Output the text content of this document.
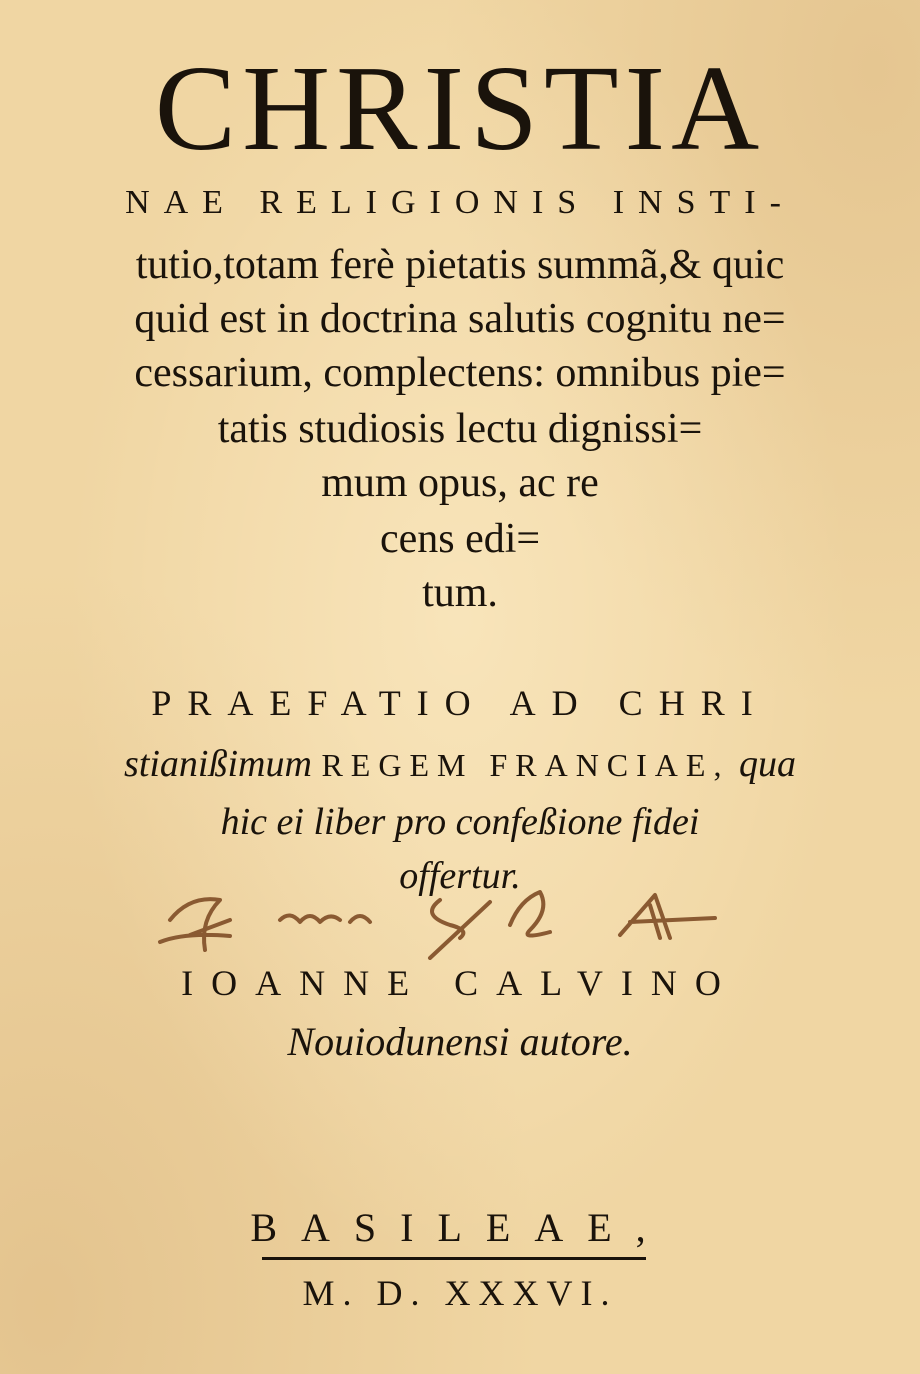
CHRISTIA
NAE RELIGIONIS INSTI-
tutio,totam ferè pietatis summã,& quic
quid est in doctrina salutis cognitu ne=
cessarium, complectens: omnibus pie=
tatis studiosis lectu dignissi=
mum opus, ac re
cens edi=
tum.
PRAEFATIO AD CHRI
stianißimum REGEM FRANCIAE, qua
hic ei liber pro confeßione fidei
offertur.
IOANNE CALVINO
Nouiodunensi autore.
BASILEAE,
M. D. XXXVI.
